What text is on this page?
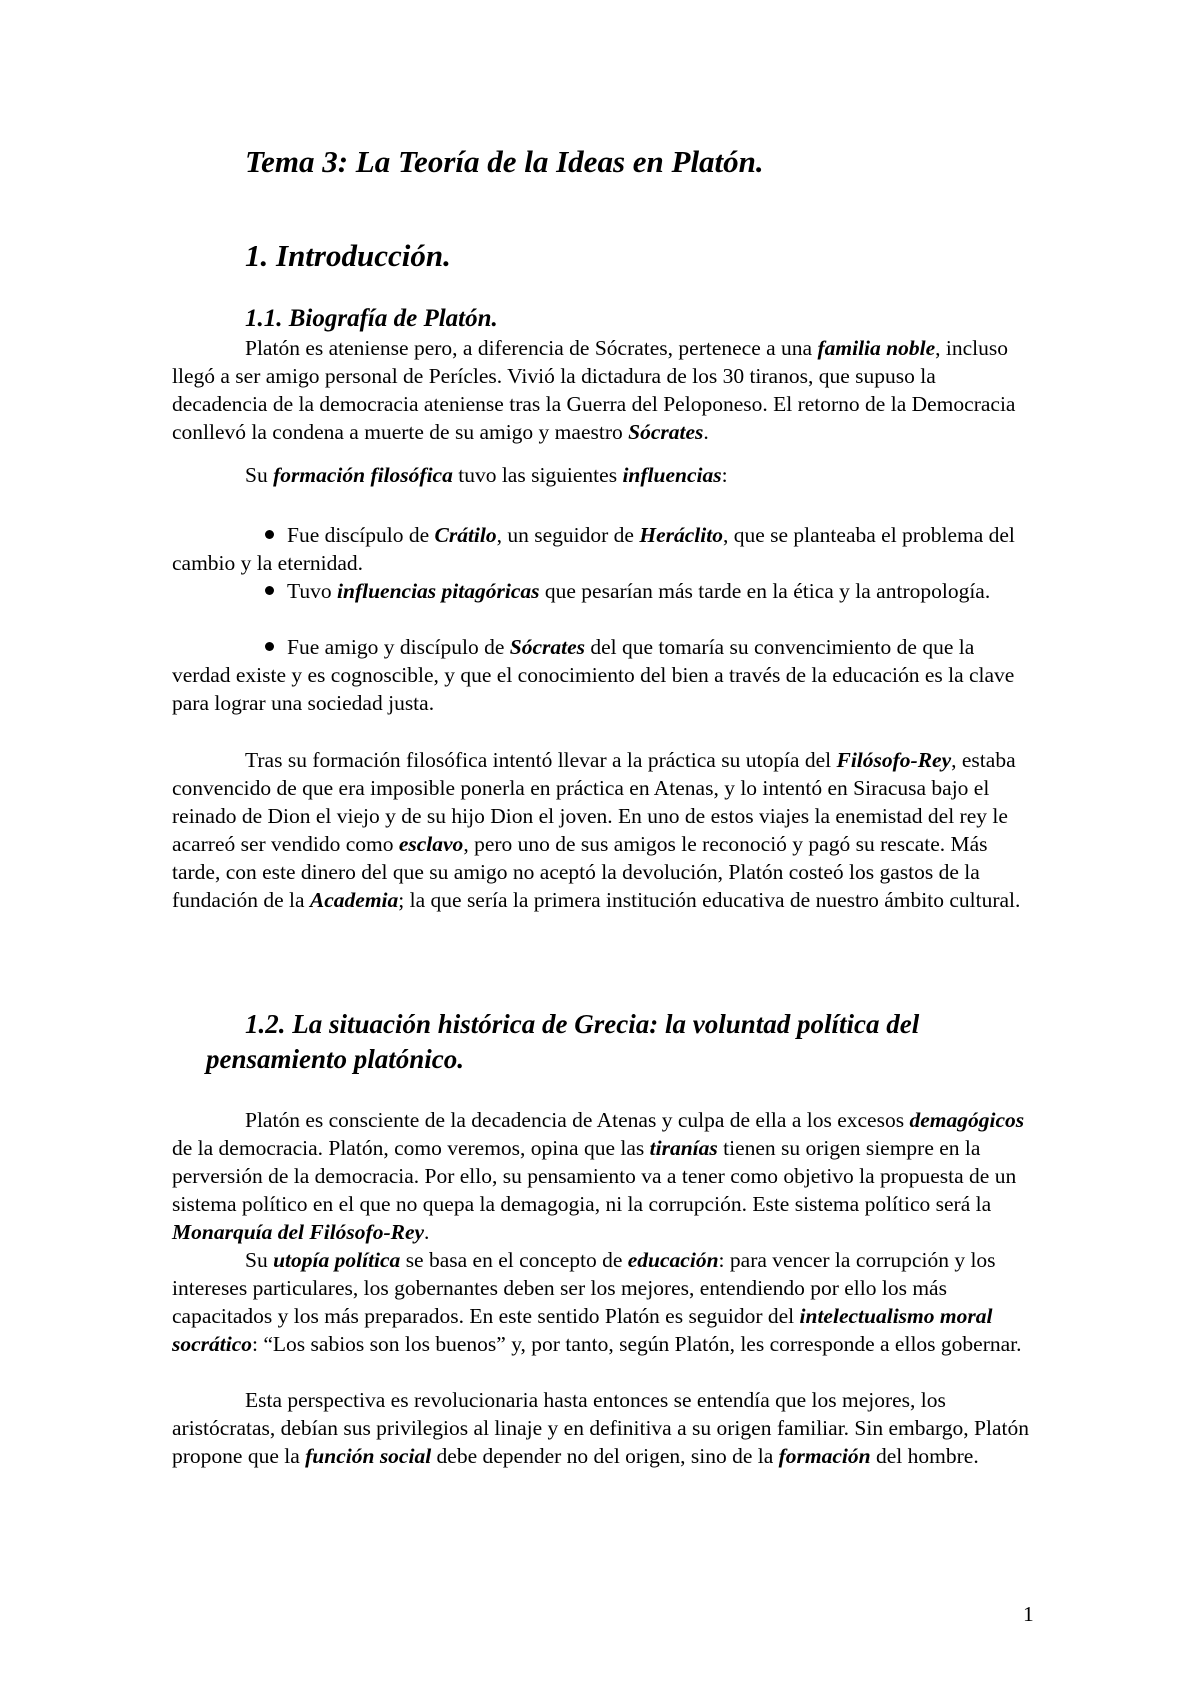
Tema 3: La Teoría de la Ideas en Platón.
1. Introducción.
1.1. Biografía de Platón.

Platón es ateniense pero, a diferencia de Sócrates, pertenece a una familia noble, incluso llegó a ser amigo personal de Perícles. Vivió la dictadura de los 30 tiranos, que supuso la decadencia de la democracia ateniense tras la Guerra del Peloponeso. El retorno de la Democracia conllevó la condena a muerte de su amigo y maestro Sócrates.

Su formación filosófica tuvo las siguientes influencias:

Fue discípulo de Crátilo, un seguidor de Heráclito, que se planteaba el problema del cambio y la eternidad.

Tuvo influencias pitagóricas que pesarían más tarde en la ética y la antropología.

Fue amigo y discípulo de Sócrates del que tomaría su convencimiento de que la verdad existe y es cognoscible, y que el conocimiento del bien a través de la educación es la clave para lograr una sociedad justa.

Tras su formación filosófica intentó llevar a la práctica su utopía del Filósofo-Rey, estaba convencido de que era imposible ponerla en práctica en Atenas, y lo intentó en Siracusa bajo el reinado de Dion el viejo y de su hijo Dion el joven. En uno de estos viajes la enemistad del rey le acarreó ser vendido como esclavo, pero uno de sus amigos le reconoció y pagó su rescate. Más tarde, con este dinero del que su amigo no aceptó la devolución, Platón costeó los gastos de la fundación de la Academia; la que sería la primera institución educativa de nuestro ámbito cultural.

1.2. La situación histórica de Grecia: la voluntad política del pensamiento platónico.

Platón es consciente de la decadencia de Atenas y culpa de ella a los excesos demagógicos de la democracia. Platón, como veremos, opina que las tiranías tienen su origen siempre en la perversión de la democracia. Por ello, su pensamiento va a tener como objetivo la propuesta de un sistema político en el que no quepa la demagogia, ni la corrupción. Este sistema político será la Monarquía del Filósofo-Rey.

Su utopía política se basa en el concepto de educación: para vencer la corrupción y los intereses particulares, los gobernantes deben ser los mejores, entendiendo por ello los más capacitados y los más preparados. En este sentido Platón es seguidor del intelectualismo moral socrático: “Los sabios son los buenos” y, por tanto, según Platón, les corresponde a ellos gobernar.

Esta perspectiva es revolucionaria hasta entonces se entendía que los mejores, los aristócratas, debían sus privilegios al linaje y en definitiva a su origen familiar. Sin embargo, Platón propone que la función social debe depender no del origen, sino de la formación del hombre.

1
